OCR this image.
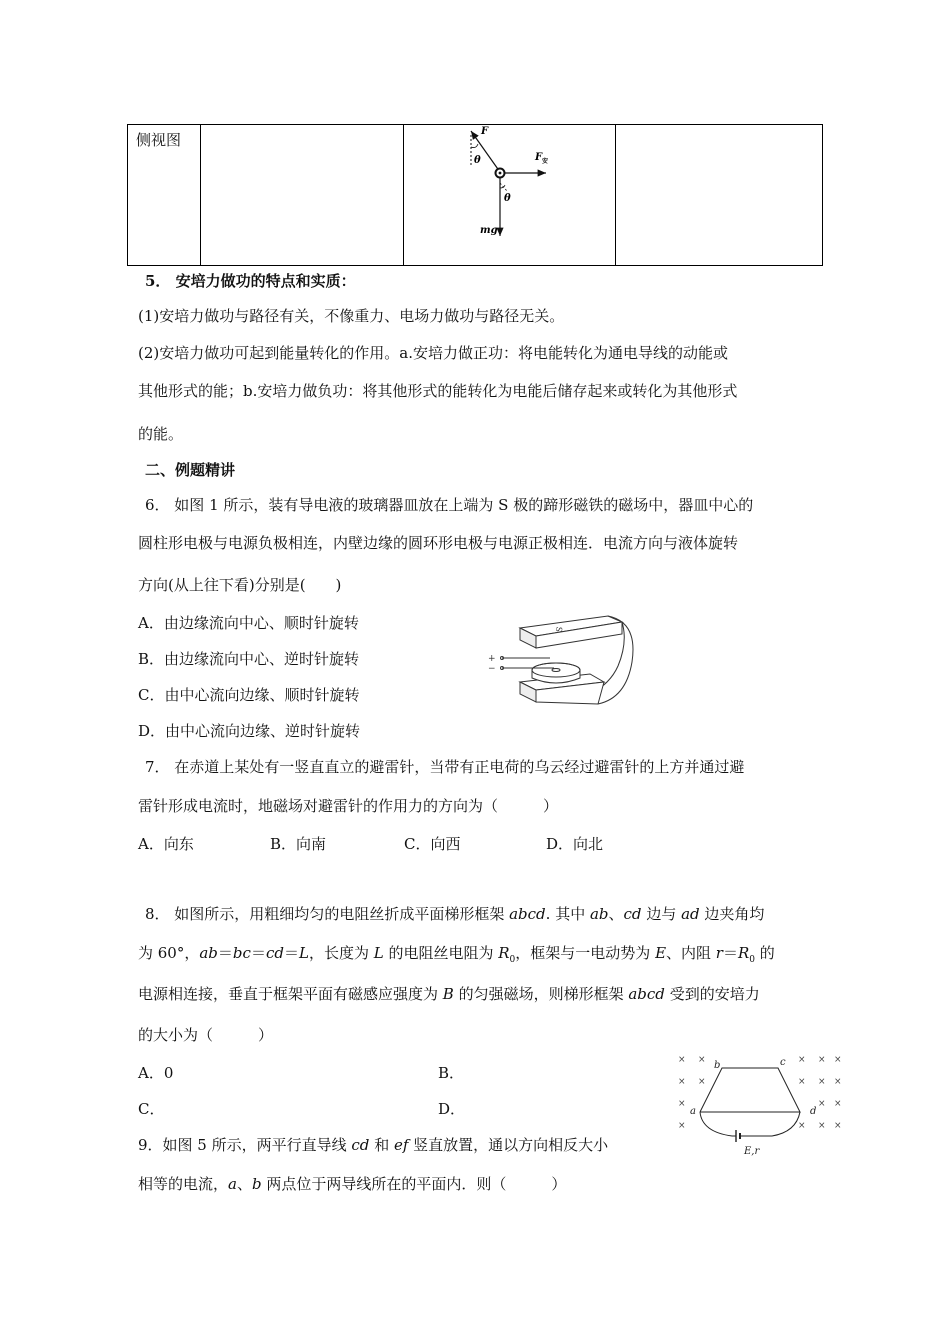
侧视图		F
θ	F 安
θ
mg

5． 安培力做功的特点和实质：
(1)安培力做功与路径有关，不像重力、电场力做功与路径无关。
(2)安培力做功可起到能量转化的作用。a.安培力做正功：将电能转化为通电导线的动能或
其他形式的能；b.安培力做负功：将其他形式的能转化为电能后储存起来或转化为其他形式
的能。
二、例题精讲
6． 如图 1 所示，装有导电液的玻璃器皿放在上端为 S 极的蹄形磁铁的磁场中，器皿中心的
圆柱形电极与电源负极相连，内壁边缘的圆环形电极与电源正极相连．电流方向与液体旋转
方向(从上往下看)分别是(　　)
A．由边缘流向中心、顺时针旋转
B．由边缘流向中心、逆时针旋转
C．由中心流向边缘、顺时针旋转
D．由中心流向边缘、逆时针旋转
S
+
−
7． 在赤道上某处有一竖直直立的避雷针，当带有正电荷的乌云经过避雷针的上方并通过避
雷针形成电流时，地磁场对避雷针的作用力的方向为（　　　）
A．向东	B．向南	C．向西	D．向北
8． 如图所示，用粗细均匀的电阻丝折成平面梯形框架 abcd. 其中 ab、cd 边与 ad 边夹角均
为 60°，ab＝bc＝cd＝L，长度为 L 的电阻丝电阻为 $R_0$，框架与一电动势为 E、内阻 $r=R_0$ 的
电源相连接，垂直于框架平面有磁感应强度为 B 的匀强磁场，则梯形框架 abcd 受到的安培力
的大小为（　　　）
A．0	B．
C．	D．
× ×	× × ×
× ×	× × ×
×	× ×
×	× × ×
a
b	c
d
E,r
9．如图 5 所示，两平行直导线 cd 和 ef 竖直放置，通以方向相反大小
相等的电流，a、b 两点位于两导线所在的平面内．则（　　　）
